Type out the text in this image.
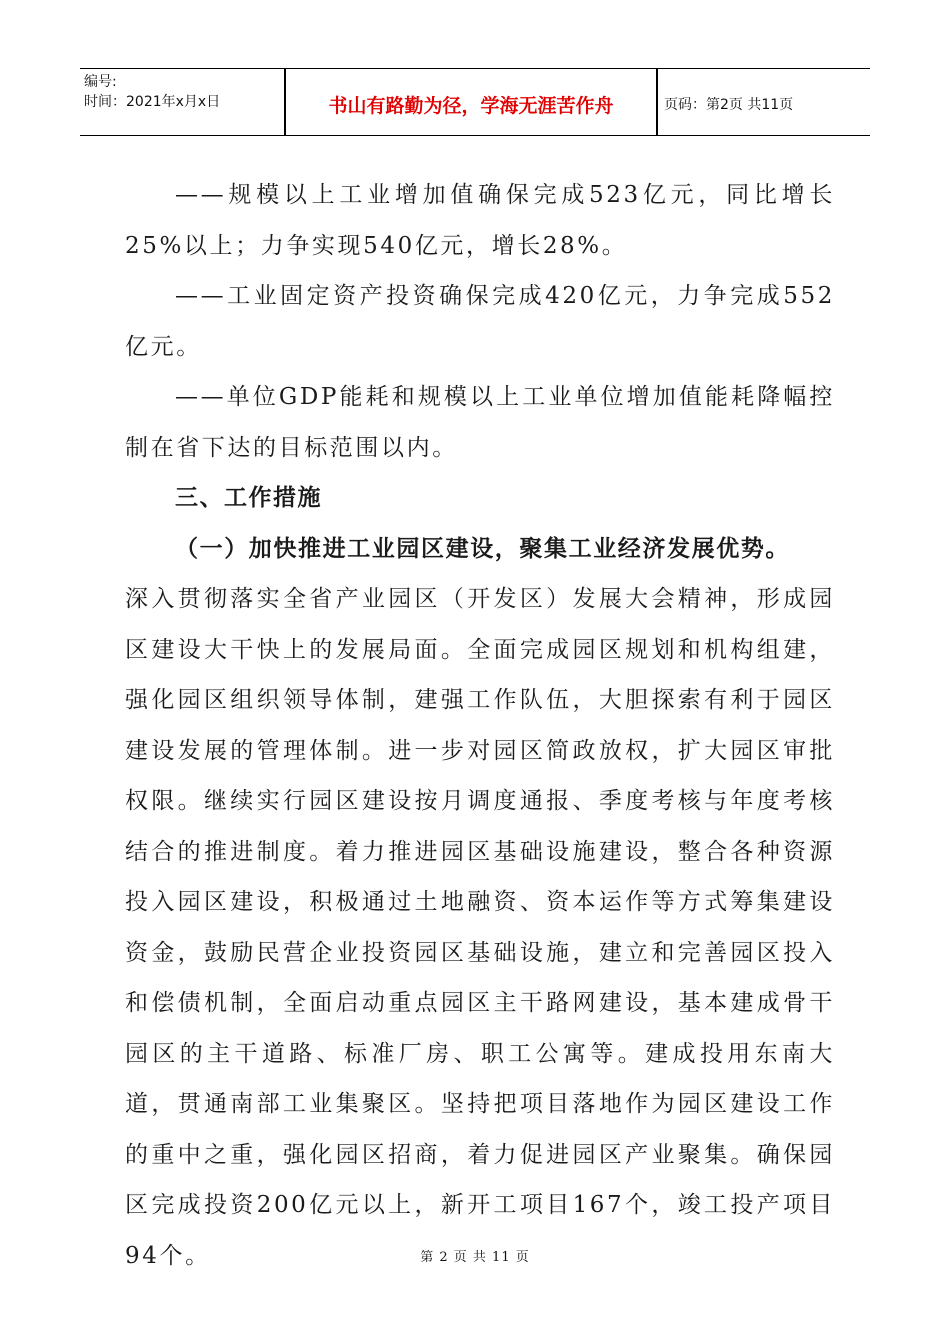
编号:
时间：2021年x月x日	书山有路勤为径，学海无涯苦作舟	页码：第2页 共11页

——规模以上工业增加值确保完成523亿元，同比增长25%以上；力争实现540亿元，增长28%。

——工业固定资产投资确保完成420亿元，力争完成552亿元。

——单位GDP能耗和规模以上工业单位增加值能耗降幅控制在省下达的目标范围以内。

三、工作措施

（一）加快推进工业园区建设，聚集工业经济发展优势。

深入贯彻落实全省产业园区（开发区）发展大会精神，形成园区建设大干快上的发展局面。全面完成园区规划和机构组建，强化园区组织领导体制，建强工作队伍，大胆探索有利于园区建设发展的管理体制。进一步对园区简政放权，扩大园区审批权限。继续实行园区建设按月调度通报、季度考核与年度考核结合的推进制度。着力推进园区基础设施建设，整合各种资源投入园区建设，积极通过土地融资、资本运作等方式筹集建设资金，鼓励民营企业投资园区基础设施，建立和完善园区投入和偿债机制，全面启动重点园区主干路网建设，基本建成骨干园区的主干道路、标准厂房、职工公寓等。建成投用东南大道，贯通南部工业集聚区。坚持把项目落地作为园区建设工作的重中之重，强化园区招商，着力促进园区产业聚集。确保园区完成投资200亿元以上，新开工项目167个，竣工投产项目94个。	第 2 页 共 11 页
